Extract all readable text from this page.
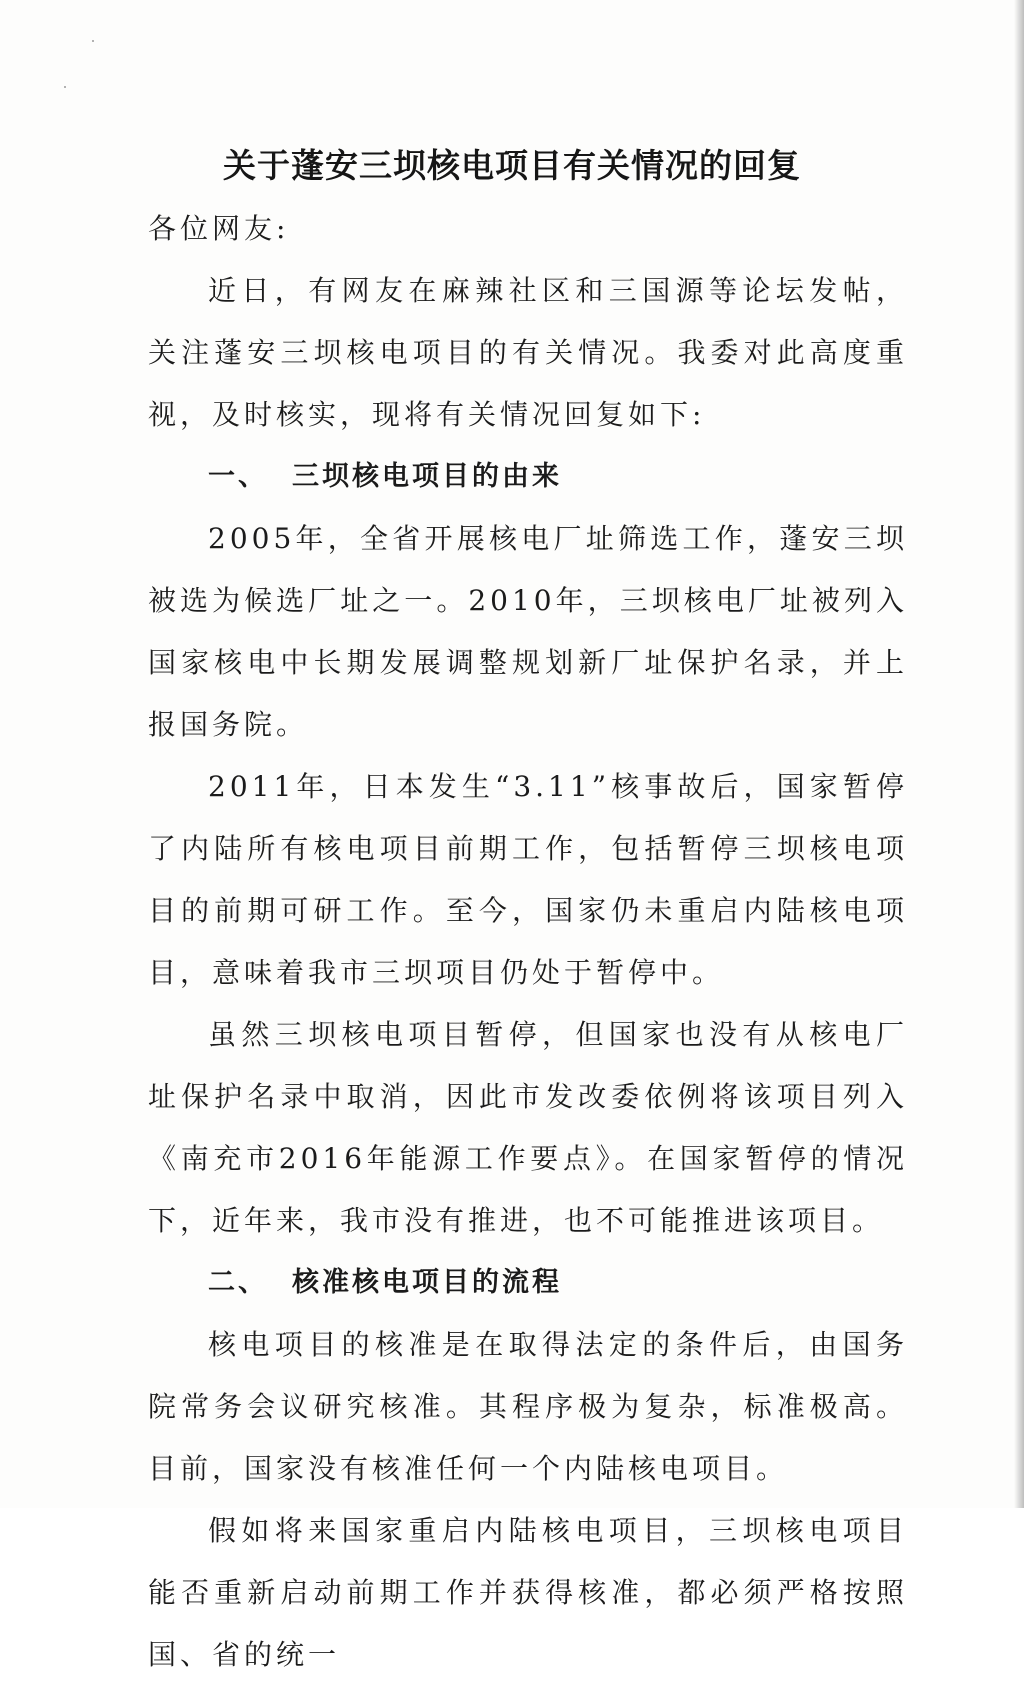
关于蓬安三坝核电项目有关情况的回复

各位网友:

近日，有网友在麻辣社区和三国源等论坛发帖，关注蓬安三坝核电项目的有关情况。我委对此高度重视，及时核实，现将有关情况回复如下:

一、 三坝核电项目的由来

2005年，全省开展核电厂址筛选工作，蓬安三坝被选为候选厂址之一。2010年，三坝核电厂址被列入国家核电中长期发展调整规划新厂址保护名录，并上报国务院。

2011年，日本发生“3.11”核事故后，国家暂停了内陆所有核电项目前期工作，包括暂停三坝核电项目的前期可研工作。至今，国家仍未重启内陆核电项目，意味着我市三坝项目仍处于暂停中。

虽然三坝核电项目暂停，但国家也没有从核电厂址保护名录中取消，因此市发改委依例将该项目列入《南充市2016年能源工作要点》。在国家暂停的情况下，近年来，我市没有推进，也不可能推进该项目。

二、 核准核电项目的流程

核电项目的核准是在取得法定的条件后，由国务院常务会议研究核准。其程序极为复杂，标准极高。目前，国家没有核准任何一个内陆核电项目。

假如将来国家重启内陆核电项目，三坝核电项目能否重新启动前期工作并获得核准，都必须严格按照国、省的统一
